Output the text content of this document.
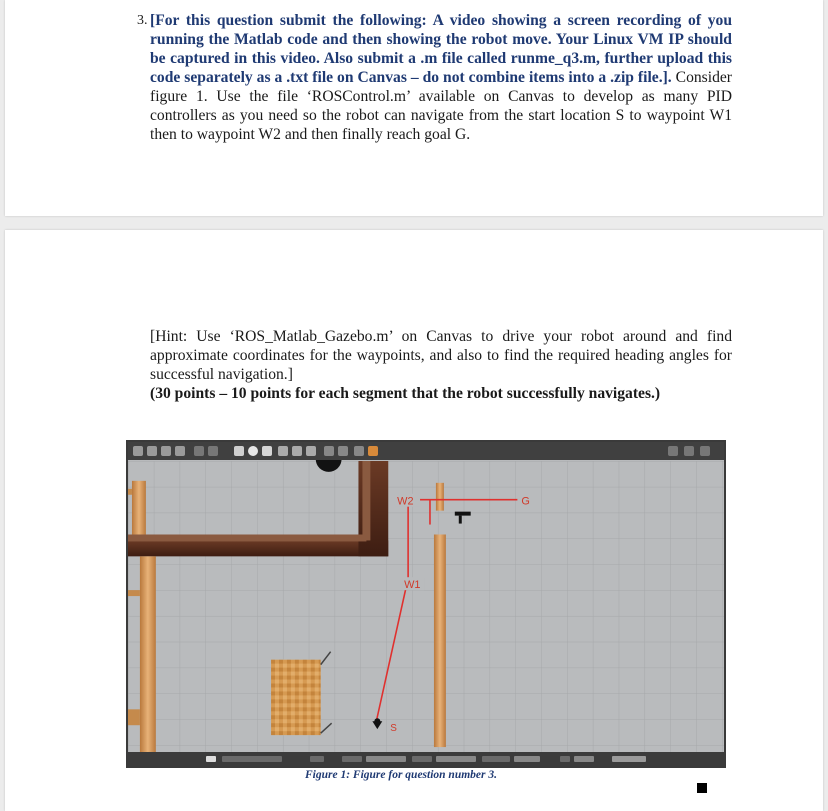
3. [For this question submit the following: A video showing a screen recording of you running the Matlab code and then showing the robot move. Your Linux VM IP should be captured in this video. Also submit a .m file called runme_q3.m, further upload this code separately as a .txt file on Canvas – do not combine items into a .zip file.]. Consider figure 1. Use the file ‘ROSControl.m’ available on Canvas to develop as many PID controllers as you need so the robot can navigate from the start location S to waypoint W1 then to waypoint W2 and then finally reach goal G.
[Hint: Use ‘ROS_Matlab_Gazebo.m’ on Canvas to drive your robot around and find approximate coordinates for the waypoints, and also to find the required heading angles for successful navigation.]
(30 points – 10 points for each segment that the robot successfully navigates.)
W2
W1
G
S
Figure 1: Figure for question number 3.
